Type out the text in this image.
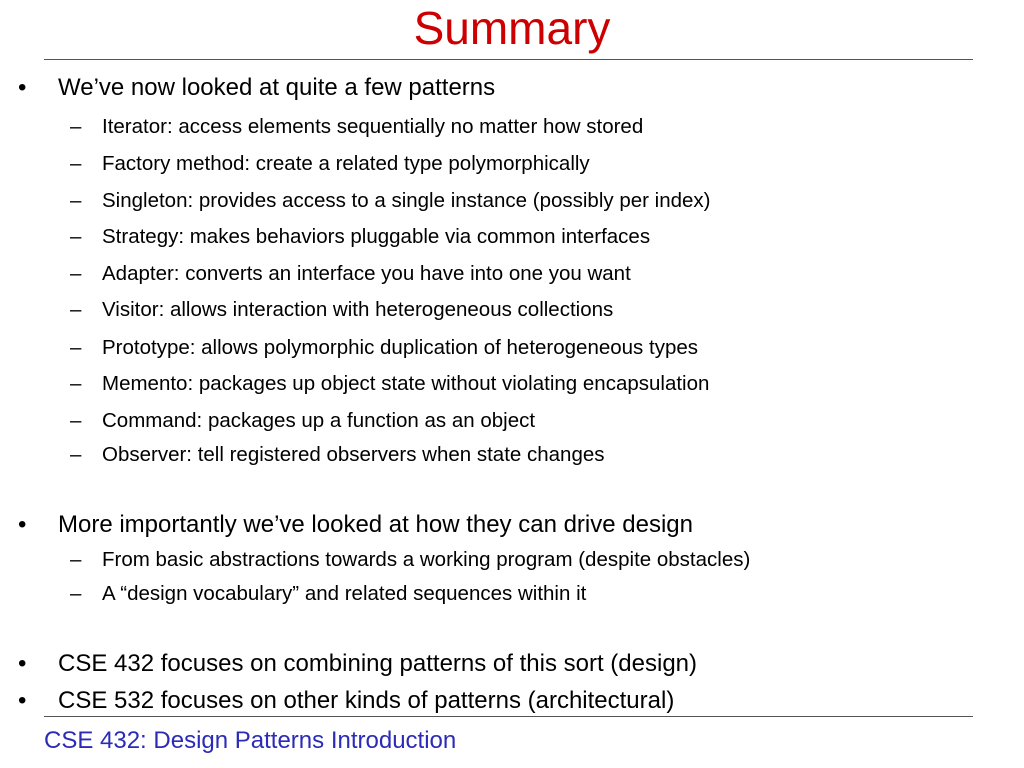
Summary
• We’ve now looked at quite a few patterns
– Iterator: access elements sequentially no matter how stored
– Factory method: create a related type polymorphically
– Singleton: provides access to a single instance (possibly per index)
– Strategy: makes behaviors pluggable via common interfaces
– Adapter: converts an interface you have into one you want
– Visitor: allows interaction with heterogeneous collections
– Prototype: allows polymorphic duplication of heterogeneous types
– Memento: packages up object state without violating encapsulation
– Command: packages up a function as an object
– Observer: tell registered observers when state changes
• More importantly we’ve looked at how they can drive design
– From basic abstractions towards a working program (despite obstacles)
– A “design vocabulary” and related sequences within it
• CSE 432 focuses on combining patterns of this sort (design)
• CSE 532 focuses on other kinds of patterns (architectural)
CSE 432: Design Patterns Introduction
